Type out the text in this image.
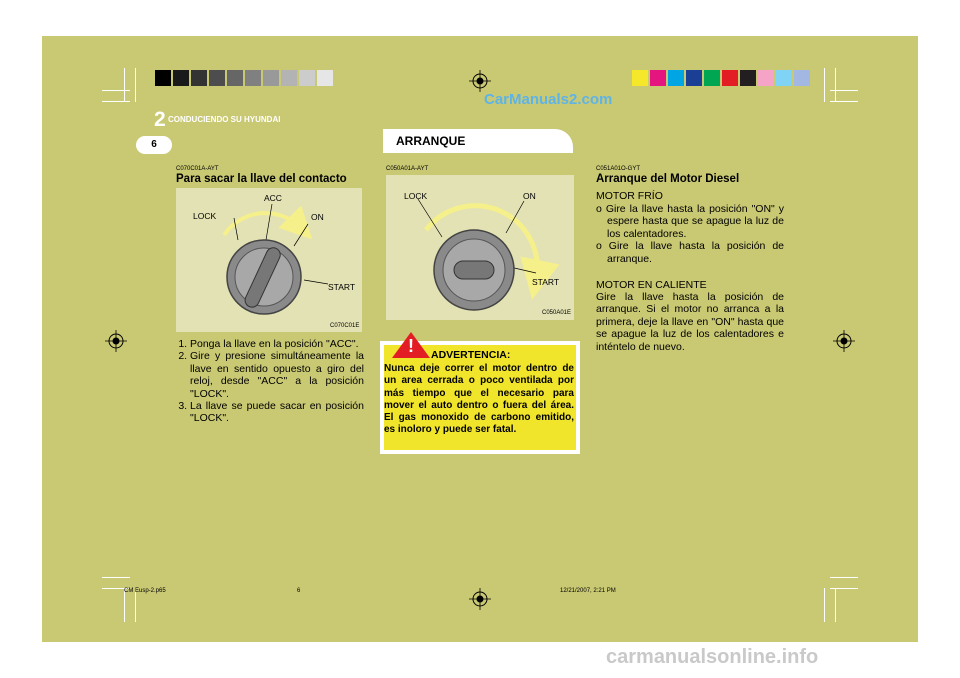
CarManuals2.com
2 CONDUCIENDO SU HYUNDAI
6	ARRANQUE
C070C01A-AYT
Para sacar la llave del contacto
ACC
LOCK	ON
START
C070C01E
1. Ponga la llave en la posición "ACC".
2. Gire y presione simultáneamente la llave en sentido opuesto a giro del reloj, desde "ACC" a la posición "LOCK".
3. La llave se puede sacar en posición "LOCK".
C050A01A-AYT
LOCK	ON
START
C050A01E
!	ADVERTENCIA:
Nunca deje correr el motor dentro de un area cerrada o poco ventilada por más tiempo que el necesario para mover el auto dentro o fuera del área. El gas monoxido de carbono emitido, es inoloro y puede ser fatal.
C051A01O-GYT
Arranque del Motor Diesel
MOTOR FRÍO
o Gire la llave hasta la posición "ON" y espere hasta que se apague la luz de los calentadores.
o Gire la llave hasta la posición de arranque.
MOTOR EN CALIENTE
Gire la llave hasta la posición de arranque. Si el motor no arranca a la primera, deje la llave en "ON" hasta que se apague la luz de los calentadores e inténtelo de nuevo.
CM Eusp-2.p65	6	12/21/2007, 2:21 PM
carmanualsonline.info
